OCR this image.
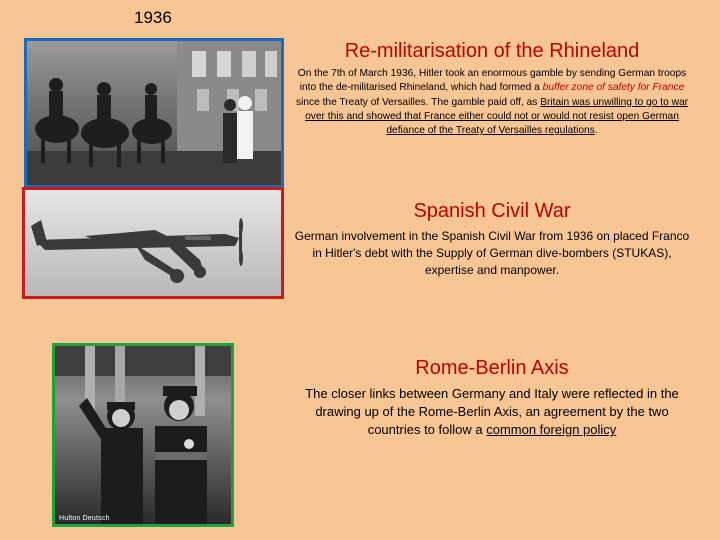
1936
Hulton Deutsch
Re-militarisation of the Rhineland
On the 7th of March 1936, Hitler took an enormous gamble by sending German troops into the de-militarised Rhineland, which had formed a buffer zone of safety for France since the Treaty of Versailles. The gamble paid off, as Britain was unwilling to go to war over this and showed that France either could not or would not resist open German defiance of the Treaty of Versailles regulations.
Spanish Civil War
German involvement in the Spanish Civil War from 1936 on placed Franco in Hitler's debt with the Supply of German dive-bombers (STUKAS), expertise and manpower.
Rome-Berlin Axis
The closer links between Germany and Italy were reflected in the drawing up of the Rome-Berlin Axis, an agreement by the two countries to follow a common foreign policy
